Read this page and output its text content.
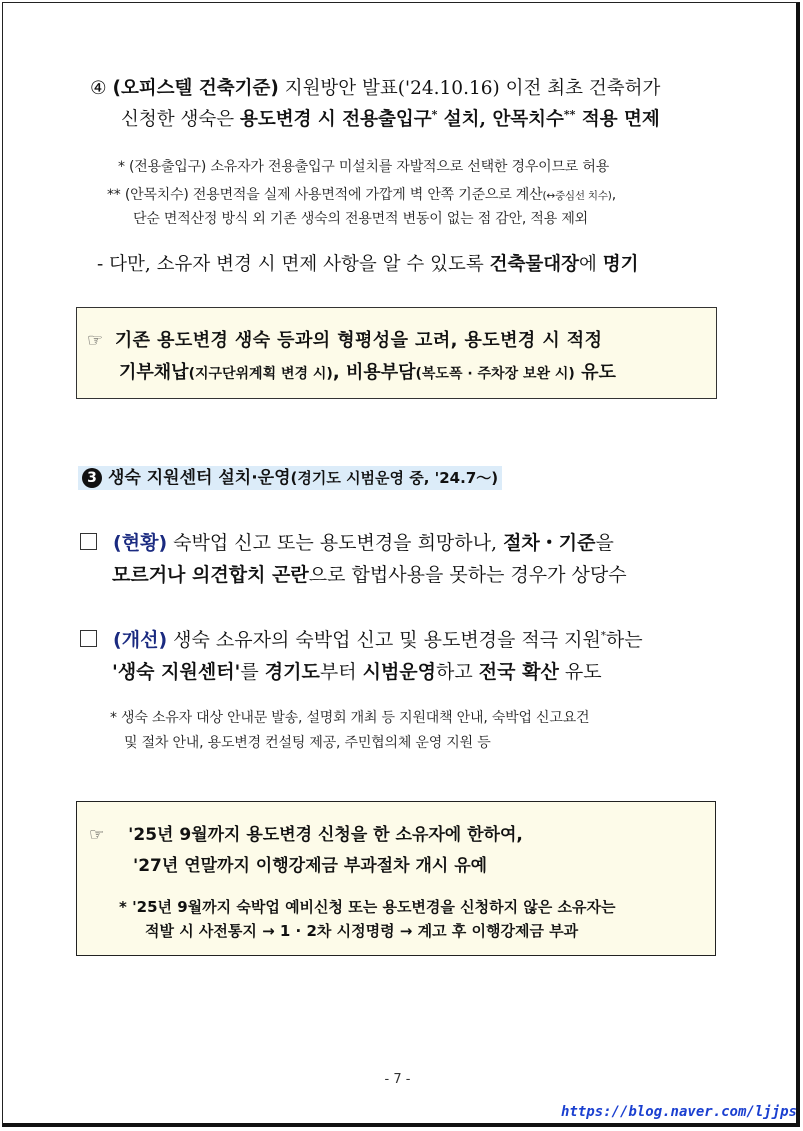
④ (오피스텔 건축기준) 지원방안 발표('24.10.16) 이전 최초 건축허가
신청한 생숙은 용도변경 시 전용출입구* 설치, 안목치수** 적용 면제
* (전용출입구) 소유자가 전용출입구 미설치를 자발적으로 선택한 경우이므로 허용
** (안목치수) 전용면적을 실제 사용면적에 가깝게 벽 안쪽 기준으로 계산(↔중심선 치수),
단순 면적산정 방식 외 기존 생숙의 전용면적 변동이 없는 점 감안, 적용 제외
- 다만, 소유자 변경 시 면제 사항을 알 수 있도록 건축물대장에 명기
☞ 기존 용도변경 생숙 등과의 형평성을 고려, 용도변경 시 적정
기부채납(지구단위계획 변경 시), 비용부담(복도폭 · 주차장 보완 시) 유도
3 생숙 지원센터 설치·운영(경기도 시범운영 중, '24.7～)
(현황) 숙박업 신고 또는 용도변경을 희망하나, 절차・기준을
모르거나 의견합치 곤란으로 합법사용을 못하는 경우가 상당수
(개선) 생숙 소유자의 숙박업 신고 및 용도변경을 적극 지원*하는
'생숙 지원센터'를 경기도부터 시범운영하고 전국 확산 유도
* 생숙 소유자 대상 안내문 발송, 설명회 개최 등 지원대책 안내, 숙박업 신고요건
및 절차 안내, 용도변경 컨설팅 제공, 주민협의체 운영 지원 등
☞ '25년 9월까지 용도변경 신청을 한 소유자에 한하여,
'27년 연말까지 이행강제금 부과절차 개시 유예
* '25년 9월까지 숙박업 예비신청 또는 용도변경을 신청하지 않은 소유자는
적발 시 사전통지 → 1 · 2차 시정명령 → 계고 후 이행강제금 부과
- 7 -
https://blog.naver.com/ljjps
